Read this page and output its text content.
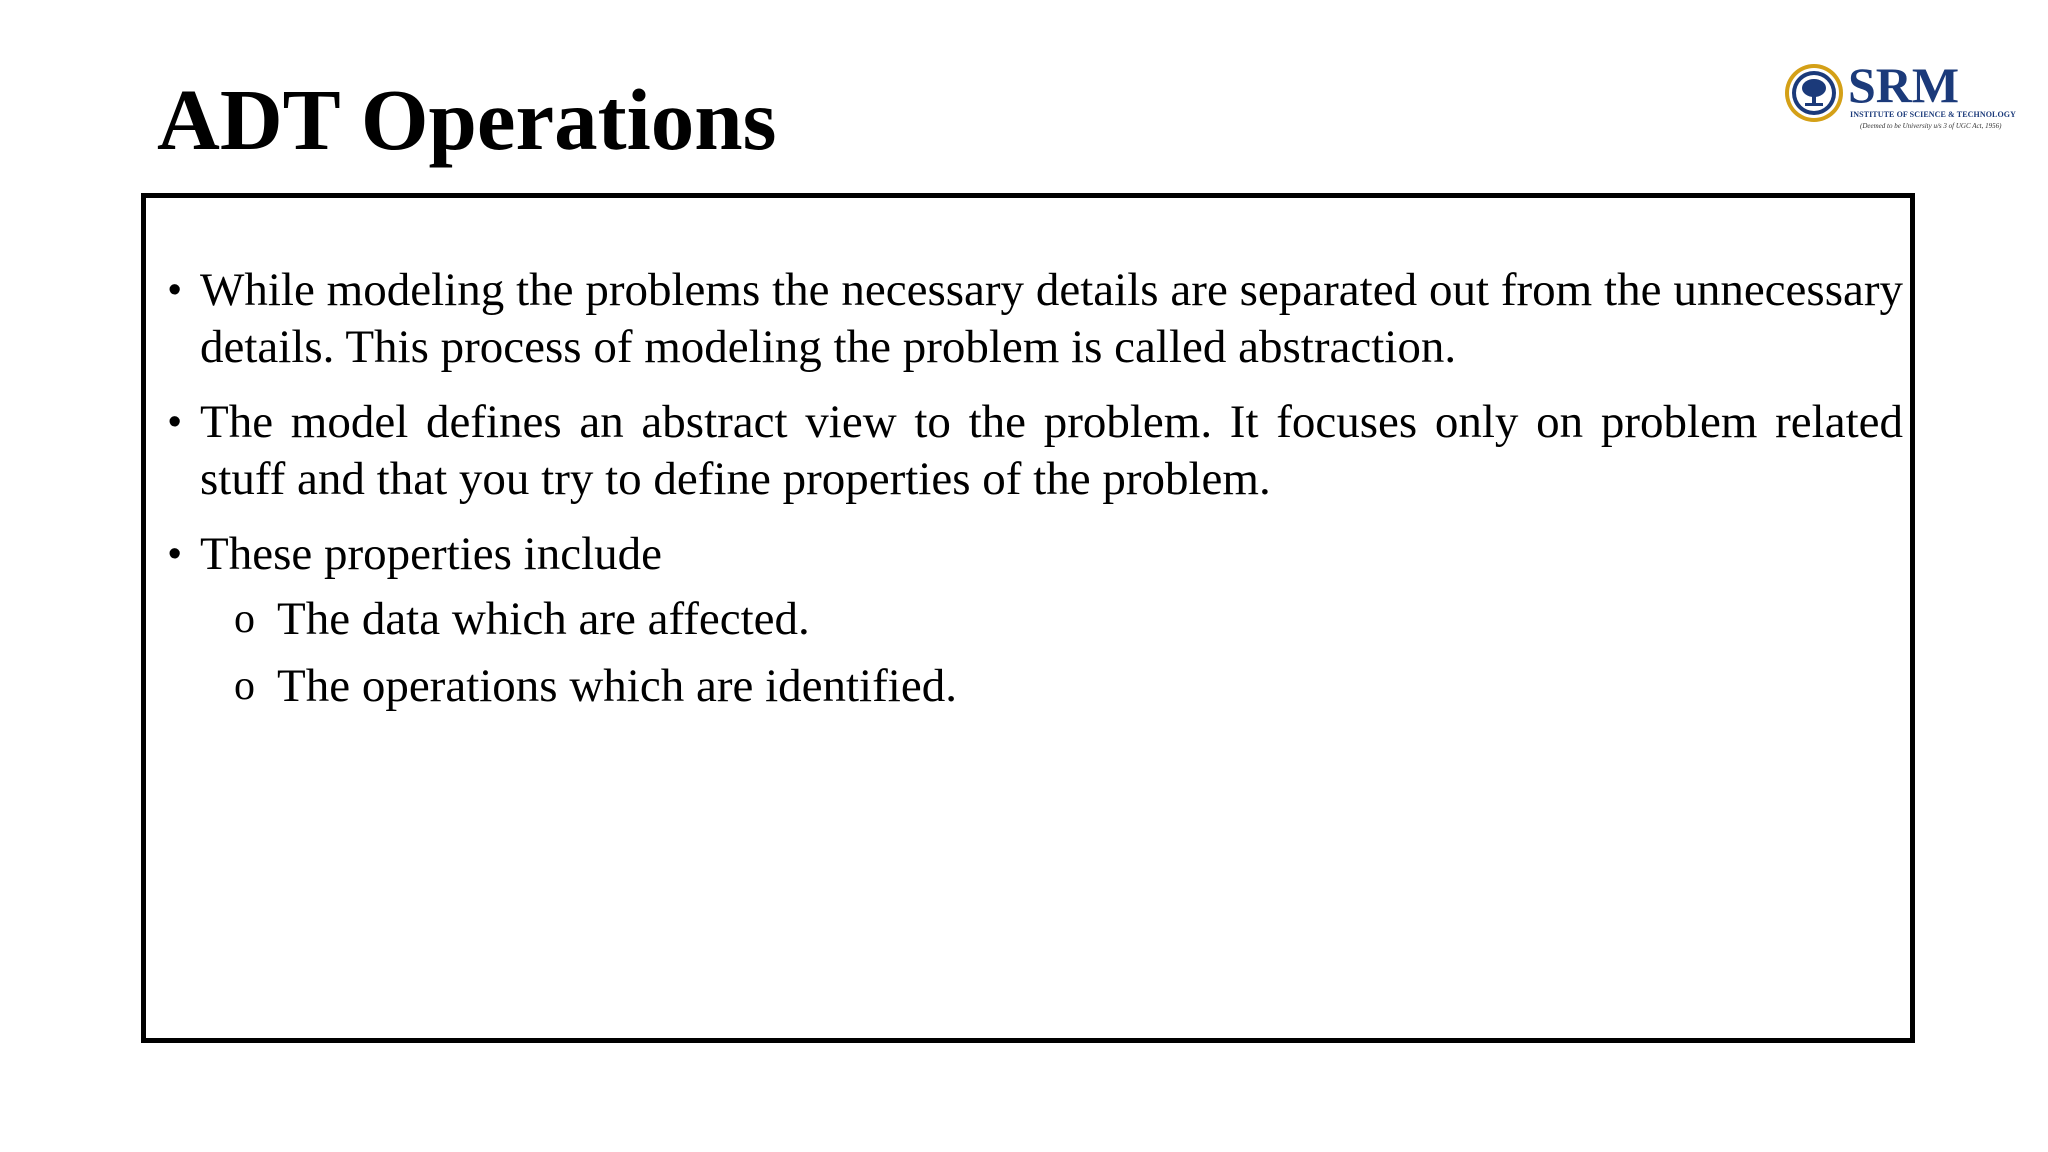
ADT Operations	SRM
INSTITUTE OF SCIENCE & TECHNOLOGY
(Deemed to be University u/s 3 of UGC Act, 1956)
• While modeling the problems the necessary details are separated out from the unnecessary details. This process of modeling the problem is called abstraction.
• The model defines an abstract view to the problem. It focuses only on problem related stuff and that you try to define properties of the problem.
• These properties include
o The data which are affected.
o The operations which are identified.
